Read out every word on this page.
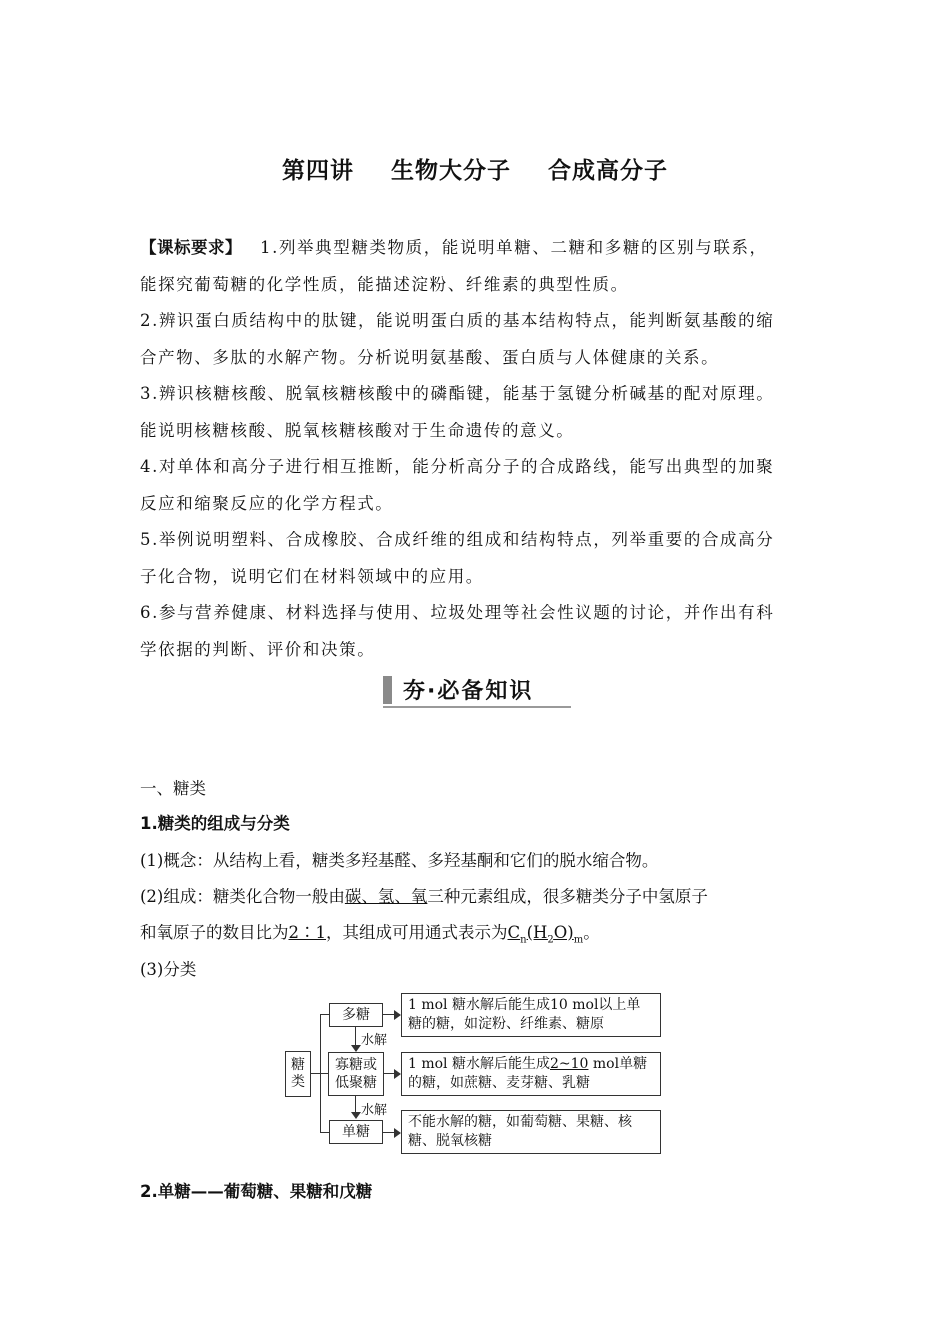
第四讲 生物大分子 合成高分子

【课标要求】 1.列举典型糖类物质，能说明单糖、二糖和多糖的区别与联系，

能探究葡萄糖的化学性质，能描述淀粉、纤维素的典型性质。

2.辨识蛋白质结构中的肽键，能说明蛋白质的基本结构特点，能判断氨基酸的缩

合产物、多肽的水解产物。分析说明氨基酸、蛋白质与人体健康的关系。

3.辨识核糖核酸、脱氧核糖核酸中的磷酯键，能基于氢键分析碱基的配对原理。

能说明核糖核酸、脱氧核糖核酸对于生命遗传的意义。

4.对单体和高分子进行相互推断，能分析高分子的合成路线，能写出典型的加聚

反应和缩聚反应的化学方程式。

5.举例说明塑料、合成橡胶、合成纤维的组成和结构特点，列举重要的合成高分

子化合物，说明它们在材料领域中的应用。

6.参与营养健康、材料选择与使用、垃圾处理等社会性议题的讨论，并作出有科

学依据的判断、评价和决策。

夯·必备知识
一、糖类
1.糖类的组成与分类
(1)概念：从结构上看，糖类多羟基醛、多羟基酮和它们的脱水缩合物。
(2)组成：糖类化合物一般由碳、氢、氧三种元素组成，很多糖类分子中氢原子
和氧原子的数目比为2∶1，其组成可用通式表示为$C_n(H_2O)_m$。
(3)分类
2.单糖——葡萄糖、果糖和戊糖
糖类
多糖
寡糖或低聚糖
单糖
水解
水解
1 mol 糖水解后能生成10 mol以上单糖的糖，如淀粉、纤维素、糖原
1 mol 糖水解后能生成2~10 mol单糖的糖，如蔗糖、麦芽糖、乳糖
不能水解的糖，如葡萄糖、果糖、核糖、脱氧核糖
